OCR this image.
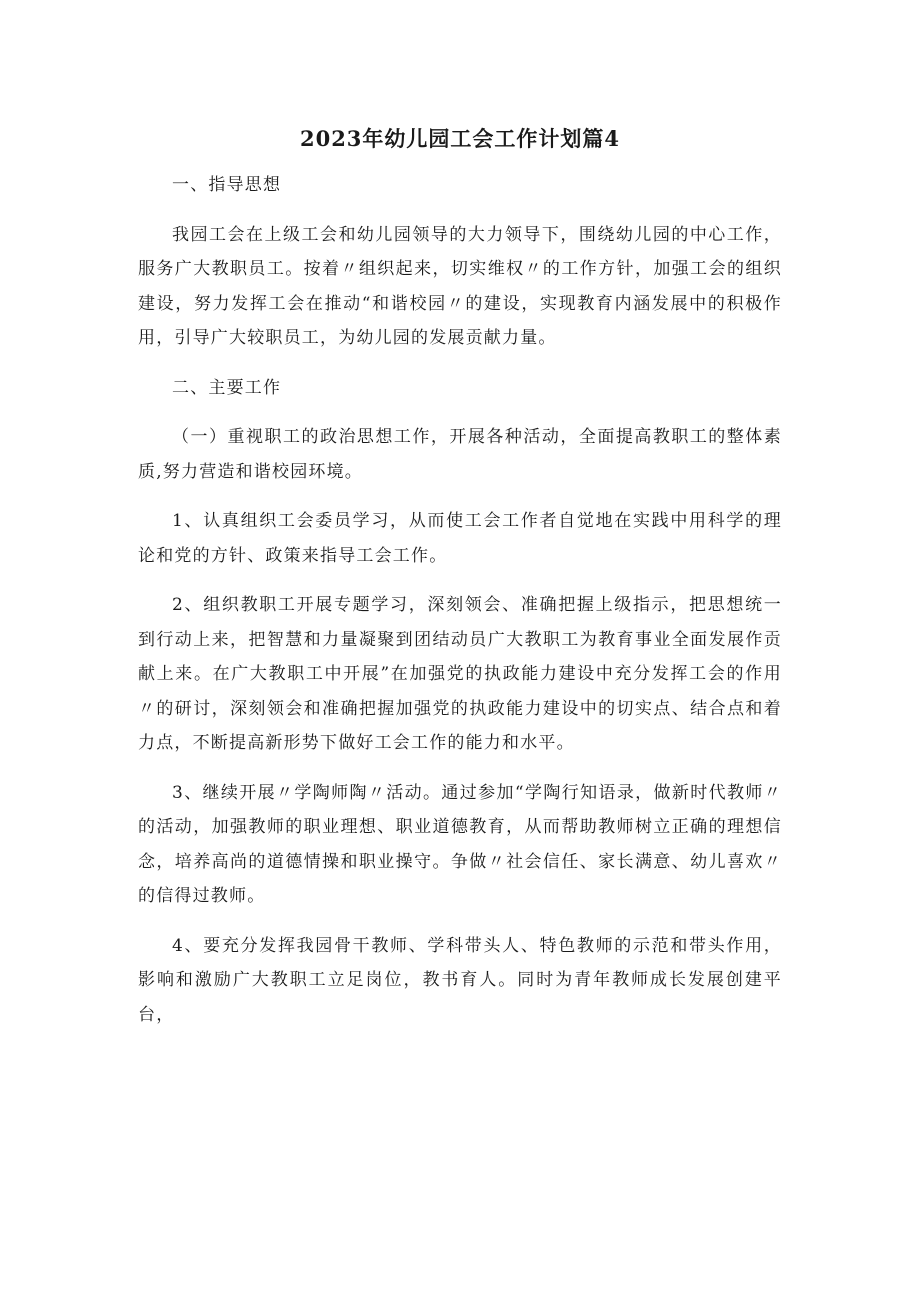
2023年幼儿园工会工作计划篇4

一、指导思想

我园工会在上级工会和幼儿园领导的大力领导下，围绕幼儿园的中心工作，服务广大教职员工。按着〃组织起来，切实维权〃的工作方针，加强工会的组织建设，努力发挥工会在推动“和谐校园〃的建设，实现教育内涵发展中的积极作用，引导广大较职员工，为幼儿园的发展贡献力量。

二、主要工作

（一）重视职工的政治思想工作，开展各种活动，全面提高教职工的整体素质,努力营造和谐校园环境。

1、认真组织工会委员学习，从而使工会工作者自觉地在实践中用科学的理论和党的方针、政策来指导工会工作。

2、组织教职工开展专题学习，深刻领会、准确把握上级指示，把思想统一到行动上来，把智慧和力量凝聚到团结动员广大教职工为教育事业全面发展作贡献上来。在广大教职工中开展”在加强党的执政能力建设中充分发挥工会的作用〃的研讨，深刻领会和准确把握加强党的执政能力建设中的切实点、结合点和着力点，不断提高新形势下做好工会工作的能力和水平。

3、继续开展〃学陶师陶〃活动。通过参加“学陶行知语录，做新时代教师〃的活动，加强教师的职业理想、职业道德教育，从而帮助教师树立正确的理想信念，培养高尚的道德情操和职业操守。争做〃社会信任、家长满意、幼儿喜欢〃的信得过教师。

4、要充分发挥我园骨干教师、学科带头人、特色教师的示范和带头作用，影响和激励广大教职工立足岗位，教书育人。同时为青年教师成长发展创建平台，
